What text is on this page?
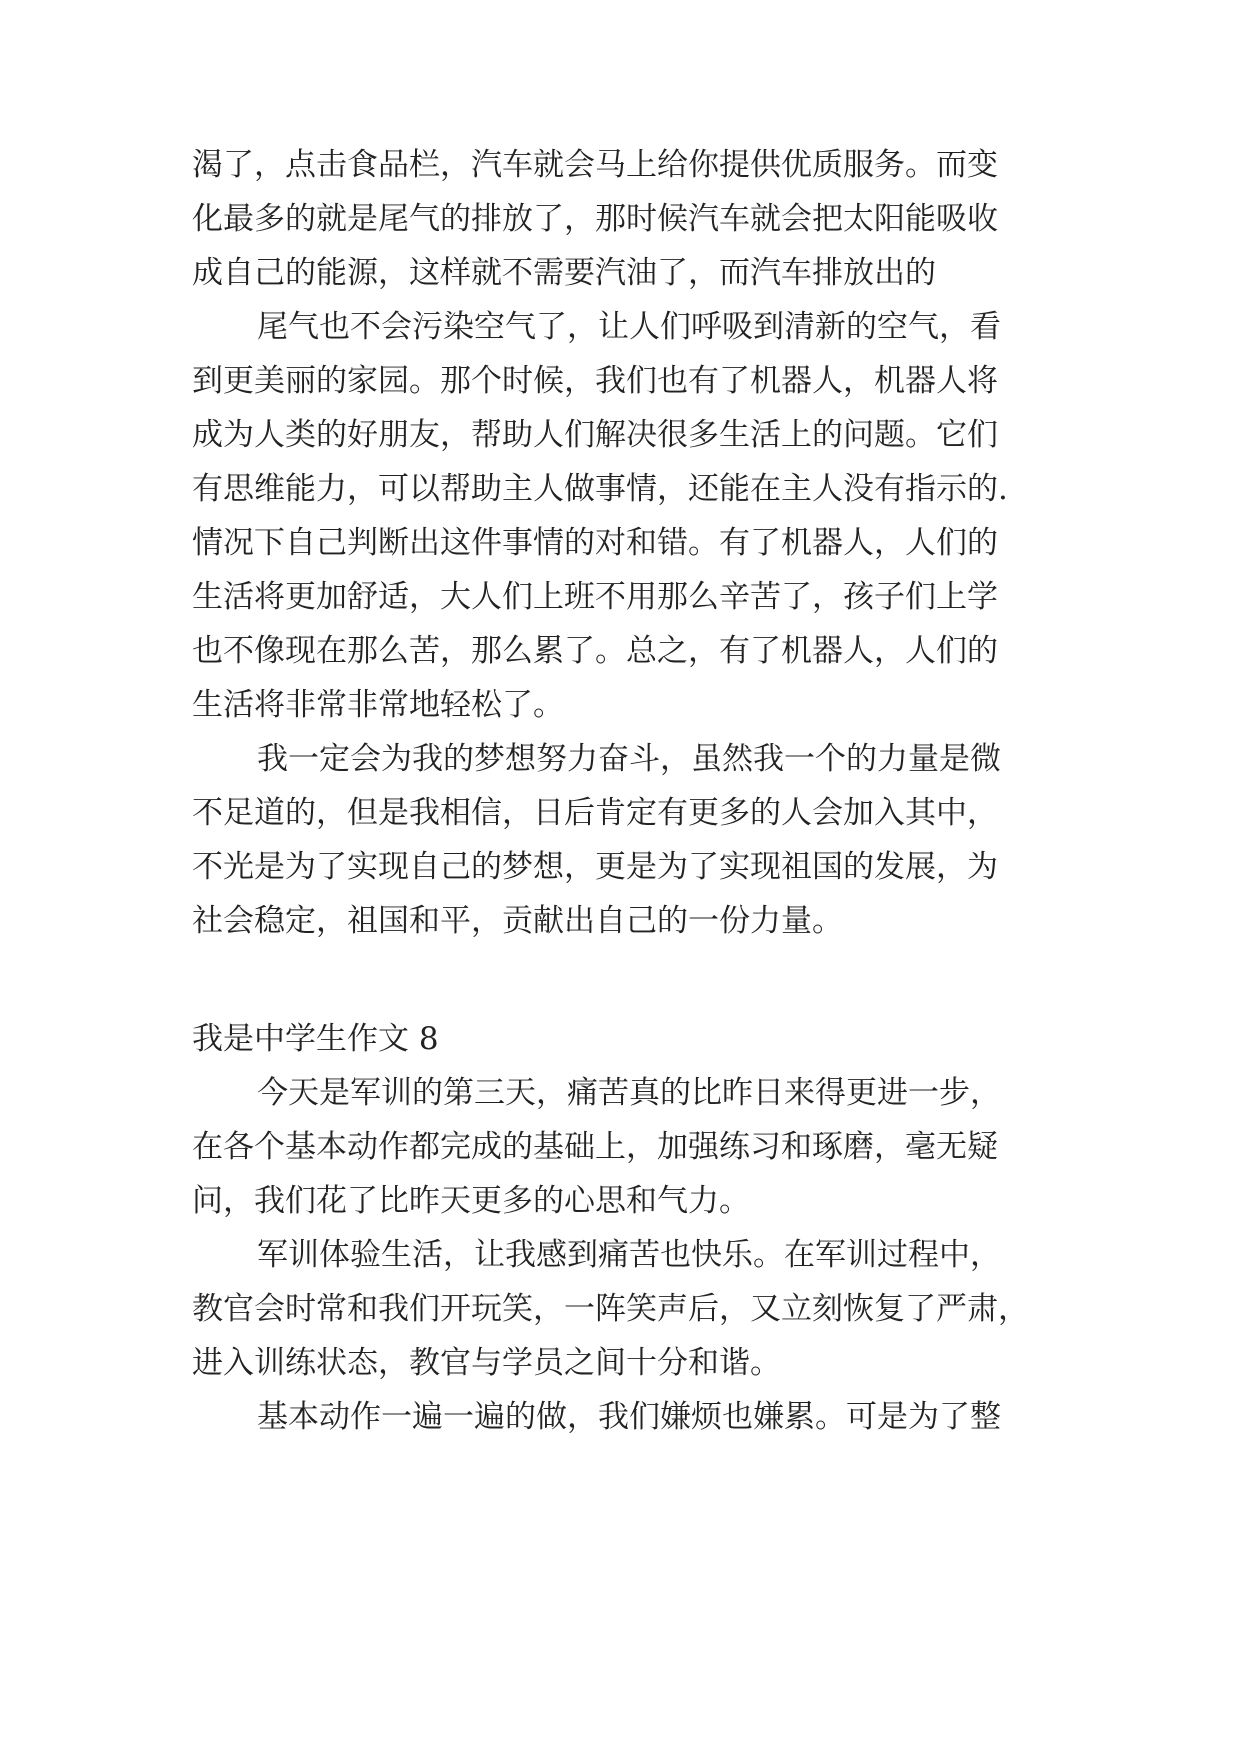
渴了，点击食品栏，汽车就会马上给你提供优质服务。而变
化最多的就是尾气的排放了，那时候汽车就会把太阳能吸收
成自己的能源，这样就不需要汽油了，而汽车排放出的
尾气也不会污染空气了，让人们呼吸到清新的空气，看
到更美丽的家园。那个时候，我们也有了机器人，机器人将
成为人类的好朋友，帮助人们解决很多生活上的问题。它们
有思维能力，可以帮助主人做事情，还能在主人没有指示的.
情况下自己判断出这件事情的对和错。有了机器人，人们的
生活将更加舒适，大人们上班不用那么辛苦了，孩子们上学
也不像现在那么苦，那么累了。总之，有了机器人，人们的
生活将非常非常地轻松了。
我一定会为我的梦想努力奋斗，虽然我一个的力量是微
不足道的，但是我相信，日后肯定有更多的人会加入其中，
不光是为了实现自己的梦想，更是为了实现祖国的发展，为
社会稳定，祖国和平，贡献出自己的一份力量。
我是中学生作文 8
今天是军训的第三天，痛苦真的比昨日来得更进一步，
在各个基本动作都完成的基础上，加强练习和琢磨，毫无疑
问，我们花了比昨天更多的心思和气力。
军训体验生活，让我感到痛苦也快乐。在军训过程中，
教官会时常和我们开玩笑，一阵笑声后，又立刻恢复了严肃，
进入训练状态，教官与学员之间十分和谐。
基本动作一遍一遍的做，我们嫌烦也嫌累。可是为了整
